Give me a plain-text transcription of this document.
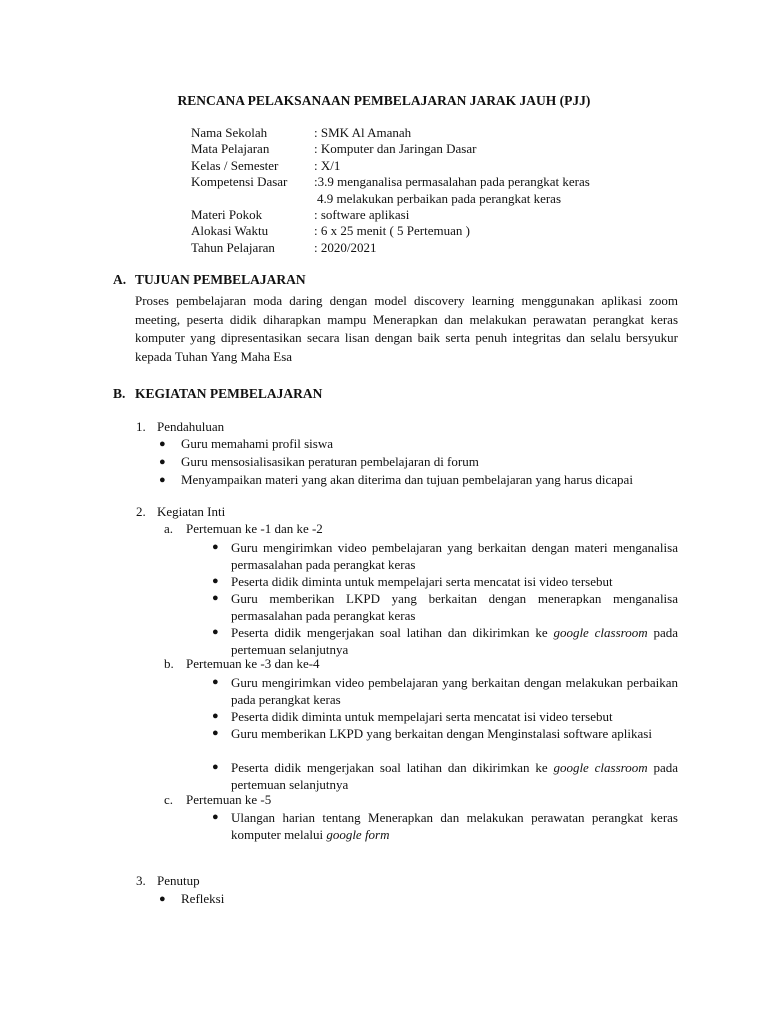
RENCANA PELAKSANAAN PEMBELAJARAN JARAK JAUH (PJJ)
Nama Sekolah	: SMK Al Amanah
Mata Pelajaran	: Komputer dan Jaringan Dasar
Kelas / Semester	: X/1
Kompetensi Dasar	:3.9 menganalisa permasalahan pada perangkat keras
4.9 melakukan perbaikan pada perangkat keras
Materi Pokok	: software aplikasi
Alokasi Waktu	: 6 x 25 menit ( 5 Pertemuan )
Tahun Pelajaran	: 2020/2021
A. TUJUAN PEMBELAJARAN
Proses pembelajaran moda daring dengan model discovery learning menggunakan aplikasi zoom meeting, peserta didik diharapkan mampu Menerapkan dan melakukan perawatan perangkat keras komputer yang dipresentasikan secara lisan dengan baik serta penuh integritas dan selalu bersyukur kepada Tuhan Yang Maha Esa
B. KEGIATAN PEMBELAJARAN
1. Pendahuluan
● Guru memahami profil siswa
● Guru mensosialisasikan peraturan pembelajaran di forum
● Menyampaikan materi yang akan diterima dan tujuan pembelajaran yang harus dicapai
2. Kegiatan Inti
a. Pertemuan ke -1 dan ke -2
● Guru mengirimkan video pembelajaran yang berkaitan dengan materi menganalisa permasalahan pada perangkat keras
● Peserta didik diminta untuk mempelajari serta mencatat isi video tersebut
● Guru memberikan LKPD yang berkaitan dengan menerapkan menganalisa permasalahan pada perangkat keras
● Peserta didik mengerjakan soal latihan dan dikirimkan ke google classroom pada pertemuan selanjutnya
b. Pertemuan ke -3 dan ke-4
● Guru mengirimkan video pembelajaran yang berkaitan dengan melakukan perbaikan pada perangkat keras
● Peserta didik diminta untuk mempelajari serta mencatat isi video tersebut
● Guru memberikan LKPD yang berkaitan dengan Menginstalasi software aplikasi
● Peserta didik mengerjakan soal latihan dan dikirimkan ke google classroom pada pertemuan selanjutnya
c. Pertemuan ke -5
● Ulangan harian tentang Menerapkan dan melakukan perawatan perangkat keras komputer melalui google form
3. Penutup
● Refleksi
